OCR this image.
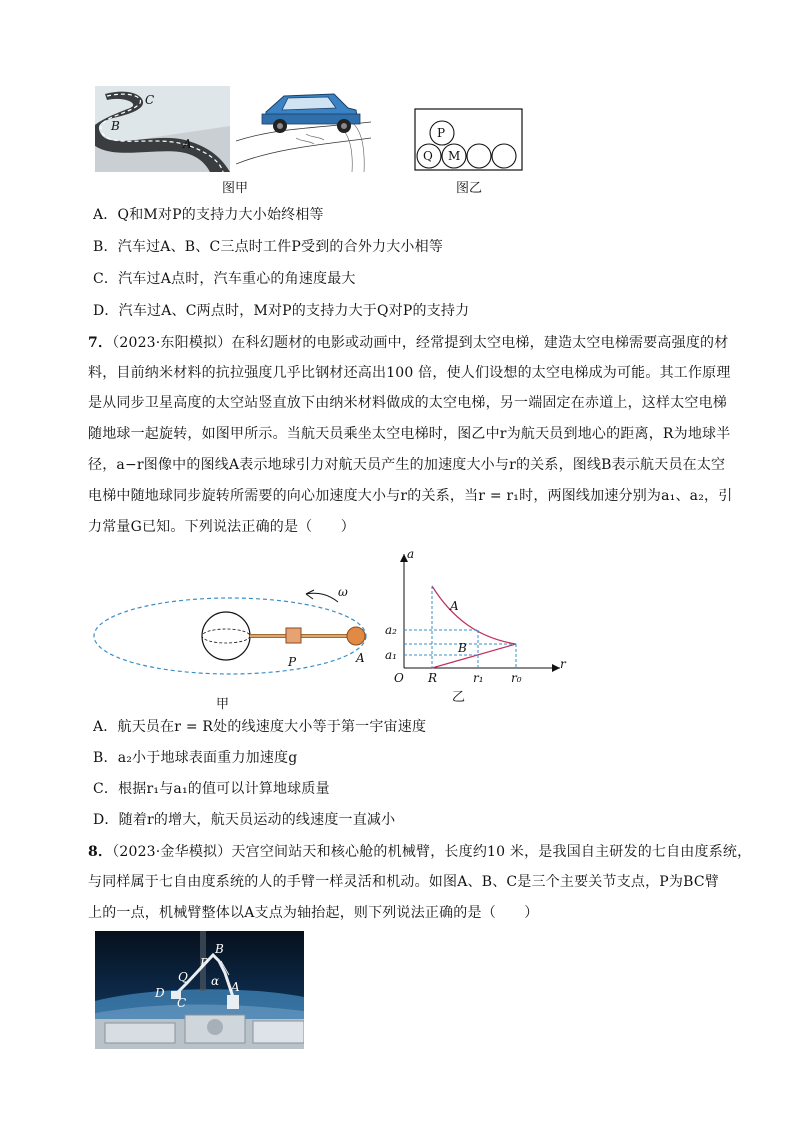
C
B
A
P
Q M
图甲	图乙
A．Q和M对P的支持力大小始终相等
B．汽车过A、B、C三点时工件P受到的合外力大小相等
C．汽车过A点时，汽车重心的角速度最大
D．汽车过A、C两点时，M对P的支持力大于Q对P的支持力
7．（2023·东阳模拟）在科幻题材的电影或动画中，经常提到太空电梯，建造太空电梯需要高强度的材
料，目前纳米材料的抗拉强度几乎比钢材还高出100 倍，使人们设想的太空电梯成为可能。其工作原理
是从同步卫星高度的太空站竖直放下由纳米材料做成的太空电梯，另一端固定在赤道上，这样太空电梯
随地球一起旋转，如图甲所示。当航天员乘坐太空电梯时，图乙中r为航天员到地心的距离，R为地球半
径，a−r图像中的图线A表示地球引力对航天员产生的加速度大小与r的关系，图线B表示航天员在太空
电梯中随地球同步旋转所需要的向心加速度大小与r的关系，当r = r₁时，两图线加速分别为a₁、a₂，引
力常量G已知。下列说法正确的是（　　）
ω
P	A
甲
a
r
a₂
a₁
O R	r₁ r₀
A
B
乙
A．航天员在r = R处的线速度大小等于第一宇宙速度
B．a₂小于地球表面重力加速度g
C．根据r₁与a₁的值可以计算地球质量
D．随着r的增大，航天员运动的线速度一直减小
8．（2023·金华模拟）天宫空间站天和核心舱的机械臂，长度约10 米，是我国自主研发的七自由度系统，
与同样属于七自由度系统的人的手臂一样灵活和机动。如图A、B、C是三个主要关节支点，P为BC臂
上的一点，机械臂整体以A支点为轴抬起，则下列说法正确的是（　　）
B
P
Q α
D
C
A
